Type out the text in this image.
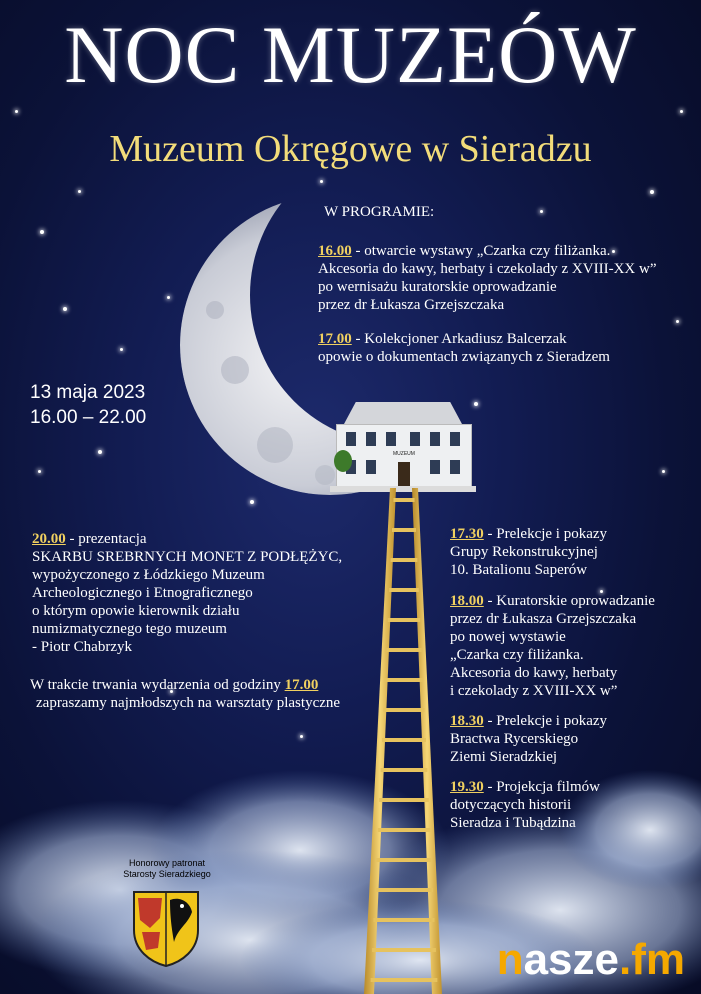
MUZEUM
NOC MUZEÓW
Muzeum Okręgowe w Sieradzu
W PROGRAMIE:
16.00 - otwarcie wystawy „Czarka czy filiżanka.
Akcesoria do kawy, herbaty i czekolady z XVIII-XX w”
po wernisażu kuratorskie oprowadzanie
przez dr Łukasza Grzejszczaka
17.00 - Kolekcjoner Arkadiusz Balcerzak
opowie o dokumentach związanych z Sieradzem
13 maja 2023
16.00 – 22.00
20.00 - prezentacja
SKARBU SREBRNYCH MONET Z PODŁĘŻYC,
wypożyczonego z Łódzkiego Muzeum
Archeologicznego i Etnograficznego
o którym opowie kierownik działu
numizmatycznego tego muzeum
- Piotr Chabrzyk
W trakcie trwania wydarzenia od godziny 17.00
zapraszamy najmłodszych na warsztaty plastyczne
17.30 - Prelekcje i pokazy
Grupy Rekonstrukcyjnej
10. Batalionu Saperów
18.00 - Kuratorskie oprowadzanie
przez dr Łukasza Grzejszczaka
po nowej wystawie
„Czarka czy filiżanka.
Akcesoria do kawy, herbaty
i czekolady z XVIII-XX w”
18.30 - Prelekcje i pokazy
Bractwa Rycerskiego
Ziemi Sieradzkiej
19.30 - Projekcja filmów
dotyczących historii
Sieradza i Tubądzina
Honorowy patronat
Starosty Sieradzkiego
nasze.fm
